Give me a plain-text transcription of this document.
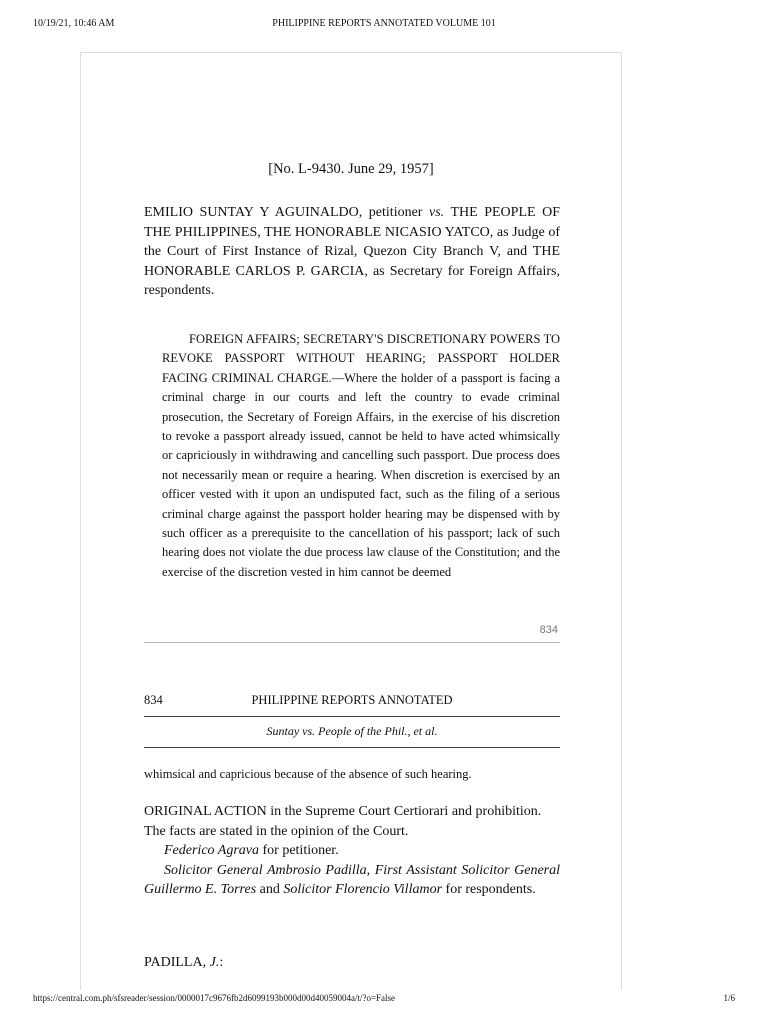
10/19/21, 10:46 AM	PHILIPPINE REPORTS ANNOTATED VOLUME 101
[No. L-9430. June 29, 1957]

EMILIO SUNTAY Y AGUINALDO, petitioner vs. THE PEOPLE OF THE PHILIPPINES, THE HONORABLE NICASIO YATCO, as Judge of the Court of First Instance of Rizal, Quezon City Branch V, and THE HONORABLE CARLOS P. GARCIA, as Secretary for Foreign Affairs, respondents.

FOREIGN AFFAIRS; SECRETARY'S DISCRETIONARY POWERS TO REVOKE PASSPORT WITHOUT HEARING; PASSPORT HOLDER FACING CRIMINAL CHARGE.—Where the holder of a passport is facing a criminal charge in our courts and left the country to evade criminal prosecution, the Secretary of Foreign Affairs, in the exercise of his discretion to revoke a passport already issued, cannot be held to have acted whimsically or capriciously in withdrawing and cancelling such passport. Due process does not necessarily mean or require a hearing. When discretion is exercised by an officer vested with it upon an undisputed fact, such as the filing of a serious criminal charge against the passport holder hearing may be dispensed with by such officer as a prerequisite to the cancellation of his passport; lack of such hearing does not violate the due process law clause of the Constitution; and the exercise of the discretion vested in him cannot be deemed

834
834	PHILIPPINE REPORTS ANNOTATED
Suntay vs. People of the Phil., et al.

whimsical and capricious because of the absence of such hearing.

ORIGINAL ACTION in the Supreme Court Certiorari and prohibition.

The facts are stated in the opinion of the Court.

Federico Agrava for petitioner.

Solicitor General Ambrosio Padilla, First Assistant Solicitor General Guillermo E. Torres and Solicitor Florencio Villamor for respondents.

PADILLA, J.:

https://central.com.ph/sfsreader/session/0000017c9676fb2d6099193b000d00d40059004a/t/?o=False	1/6
